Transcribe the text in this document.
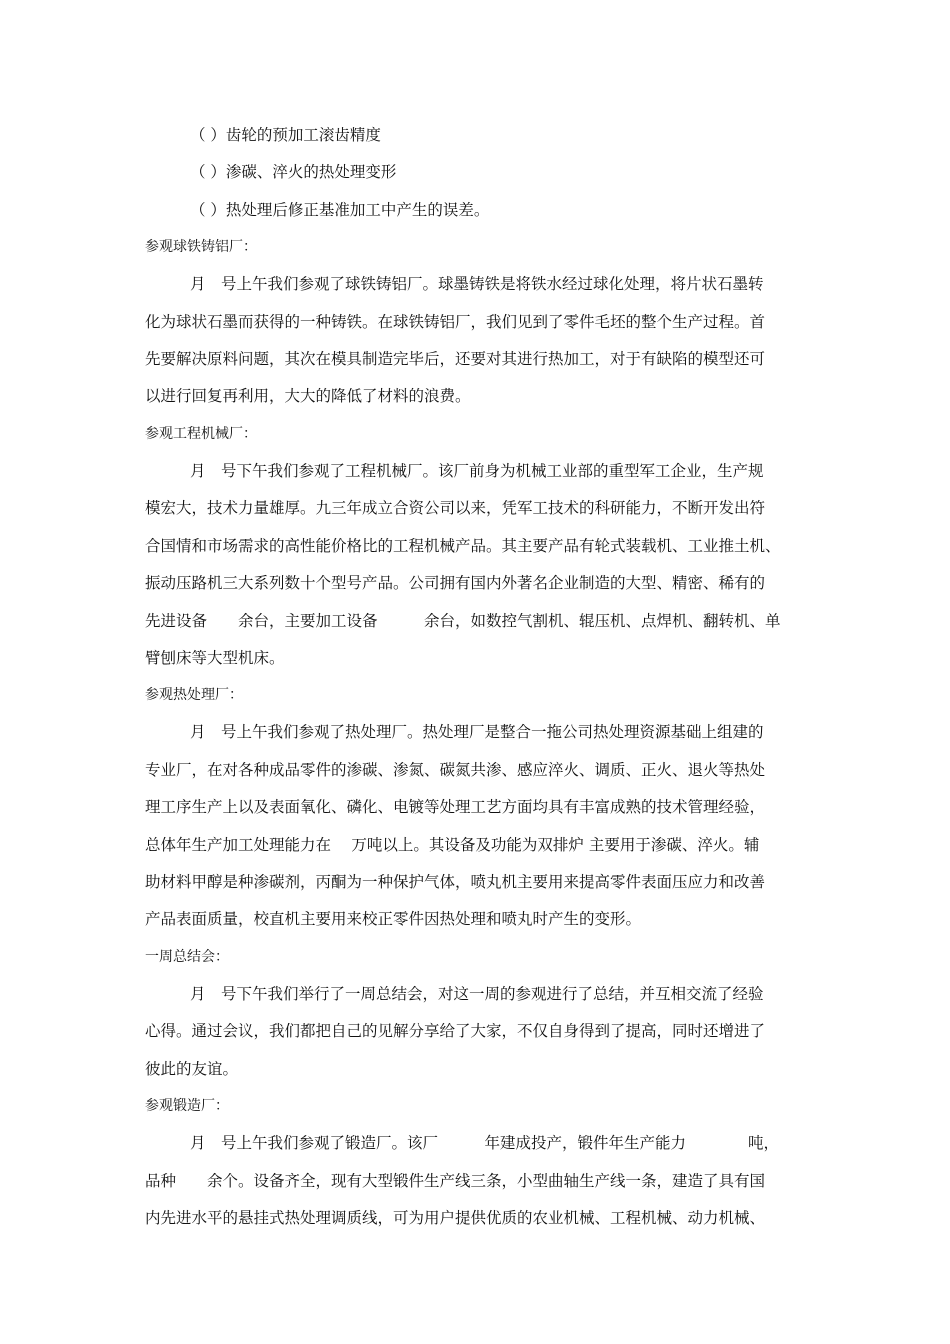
（ ）齿轮的预加工滚齿精度
（ ）渗碳、淬火的热处理变形
（ ）热处理后修正基准加工中产生的误差。
参观球铁铸铝厂：
月　号上午我们参观了球铁铸铝厂。球墨铸铁是将铁水经过球化处理，将片状石墨转
化为球状石墨而获得的一种铸铁。在球铁铸铝厂，我们见到了零件毛坯的整个生产过程。首
先要解决原料问题，其次在模具制造完毕后，还要对其进行热加工，对于有缺陷的模型还可
以进行回复再利用，大大的降低了材料的浪费。
参观工程机械厂：
月　号下午我们参观了工程机械厂。该厂前身为机械工业部的重型军工企业，生产规
模宏大，技术力量雄厚。九三年成立合资公司以来，凭军工技术的科研能力，不断开发出符
合国情和市场需求的高性能价格比的工程机械产品。其主要产品有轮式装载机、工业推土机、
振动压路机三大系列数十个型号产品。公司拥有国内外著名企业制造的大型、精密、稀有的
先进设备　　余台，主要加工设备　　　余台，如数控气割机、辊压机、点焊机、翻转机、单
臂刨床等大型机床。
参观热处理厂：
月　号上午我们参观了热处理厂。热处理厂是整合一拖公司热处理资源基础上组建的
专业厂，在对各种成品零件的渗碳、渗氮、碳氮共渗、感应淬火、调质、正火、退火等热处
理工序生产上以及表面氧化、磷化、电镀等处理工艺方面均具有丰富成熟的技术管理经验，
总体年生产加工处理能力在　 万吨以上。其设备及功能为双排炉 主要用于渗碳、淬火。辅
助材料甲醇是种渗碳剂，丙酮为一种保护气体，喷丸机主要用来提高零件表面压应力和改善
产品表面质量，校直机主要用来校正零件因热处理和喷丸时产生的变形。
一周总结会：
月　号下午我们举行了一周总结会，对这一周的参观进行了总结，并互相交流了经验
心得。通过会议，我们都把自己的见解分享给了大家，不仅自身得到了提高，同时还增进了
彼此的友谊。
参观锻造厂：
月　号上午我们参观了锻造厂。该厂　　　年建成投产，锻件年生产能力　　　　吨，
品种　　余个。设备齐全，现有大型锻件生产线三条，小型曲轴生产线一条，建造了具有国
内先进水平的悬挂式热处理调质线，可为用户提供优质的农业机械、工程机械、动力机械、
